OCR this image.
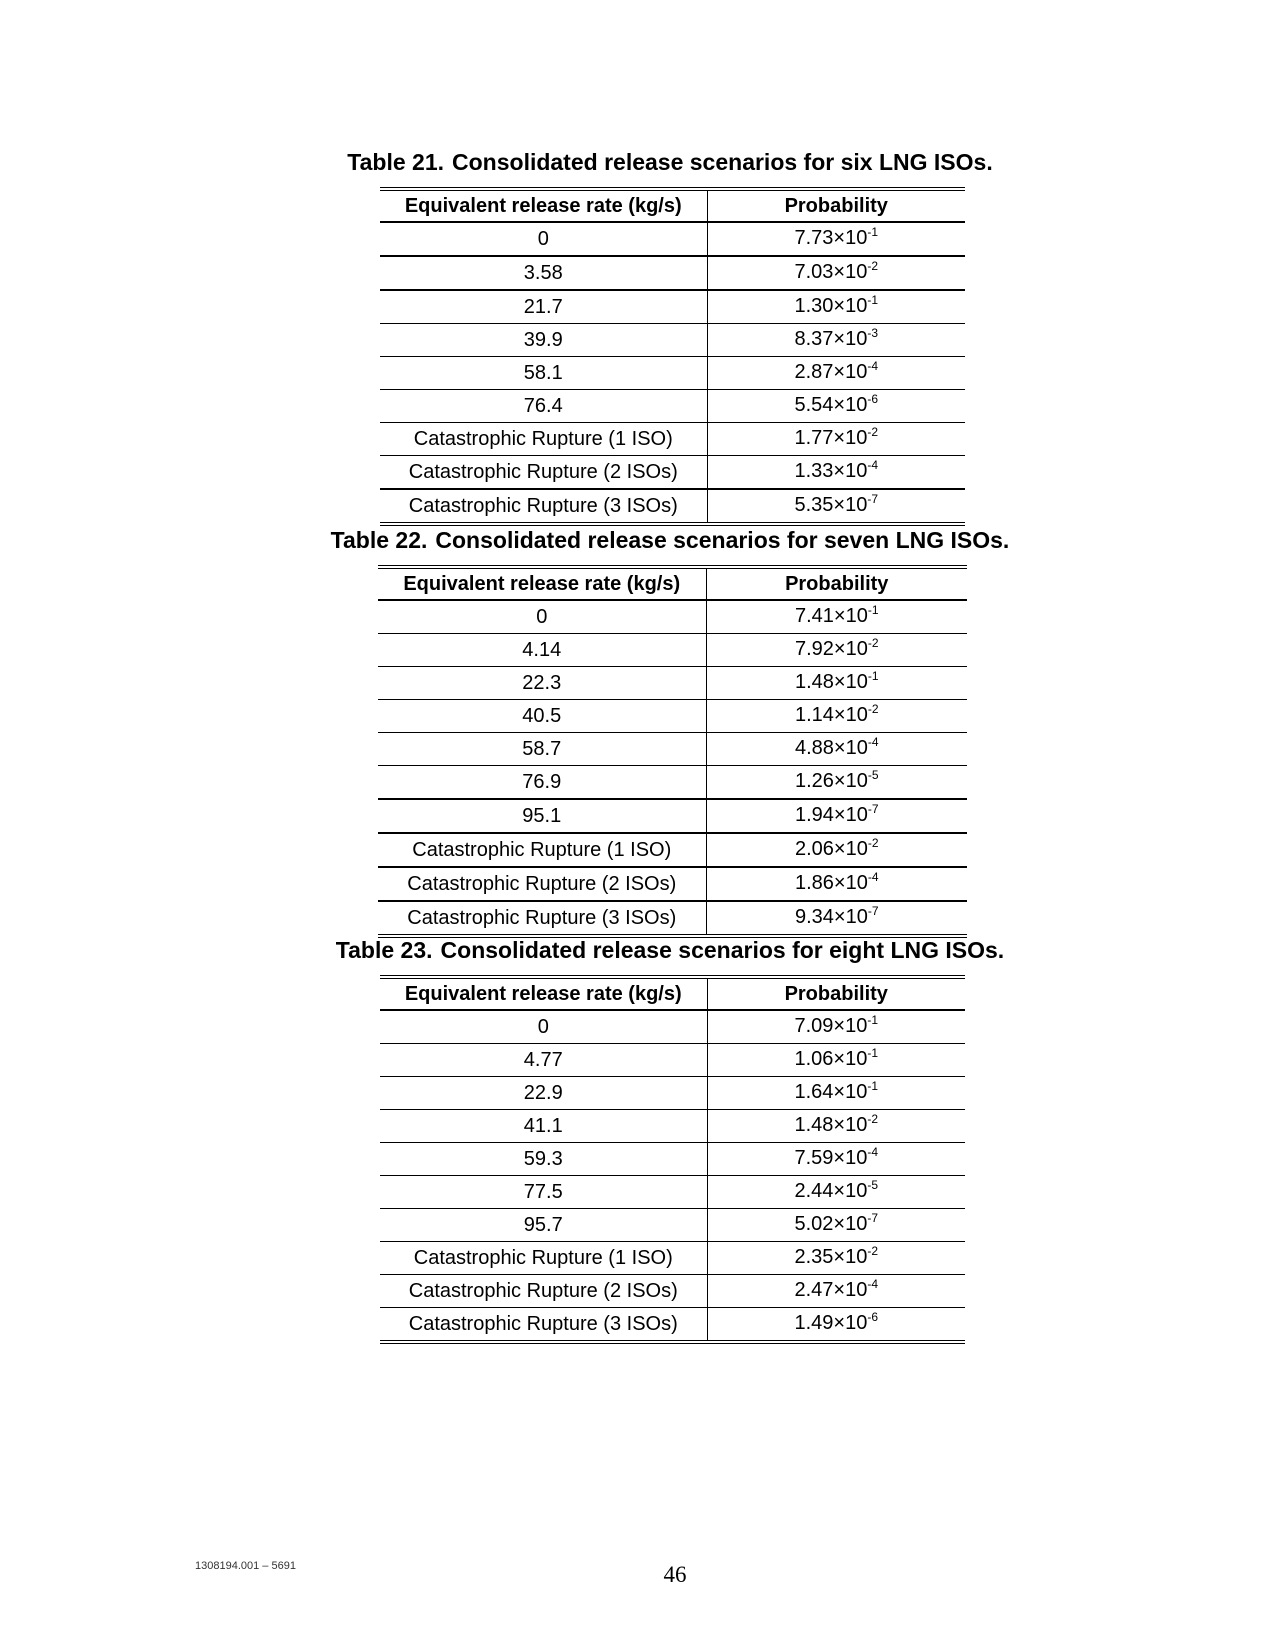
Table 21. Consolidated release scenarios for six LNG ISOs.

Equivalent release rate (kg/s)	Probability
0	$7.73\times 10^{-1}$
3.58	$7.03\times 10^{-2}$
21.7	$1.30\times 10^{-1}$
39.9	$8.37\times 10^{-3}$
58.1	$2.87\times 10^{-4}$
76.4	$5.54\times 10^{-6}$
Catastrophic Rupture (1 ISO)	$1.77\times 10^{-2}$
Catastrophic Rupture (2 ISOs)	$1.33\times 10^{-4}$
Catastrophic Rupture (3 ISOs)	$5.35\times 10^{-7}$

Table 22. Consolidated release scenarios for seven LNG ISOs.

Equivalent release rate (kg/s)	Probability
0	$7.41\times 10^{-1}$
4.14	$7.92\times 10^{-2}$
22.3	$1.48\times 10^{-1}$
40.5	$1.14\times 10^{-2}$
58.7	$4.88\times 10^{-4}$
76.9	$1.26\times 10^{-5}$
95.1	$1.94\times 10^{-7}$
Catastrophic Rupture (1 ISO)	$2.06\times 10^{-2}$
Catastrophic Rupture (2 ISOs)	$1.86\times 10^{-4}$
Catastrophic Rupture (3 ISOs)	$9.34\times 10^{-7}$

Table 23. Consolidated release scenarios for eight LNG ISOs.

Equivalent release rate (kg/s)	Probability
0	$7.09\times 10^{-1}$
4.77	$1.06\times 10^{-1}$
22.9	$1.64\times 10^{-1}$
41.1	$1.48\times 10^{-2}$
59.3	$7.59\times 10^{-4}$
77.5	$2.44\times 10^{-5}$
95.7	$5.02\times 10^{-7}$
Catastrophic Rupture (1 ISO)	$2.35\times 10^{-2}$
Catastrophic Rupture (2 ISOs)	$2.47\times 10^{-4}$
Catastrophic Rupture (3 ISOs)	$1.49\times 10^{-6}$
1308194.001 – 5691	46
